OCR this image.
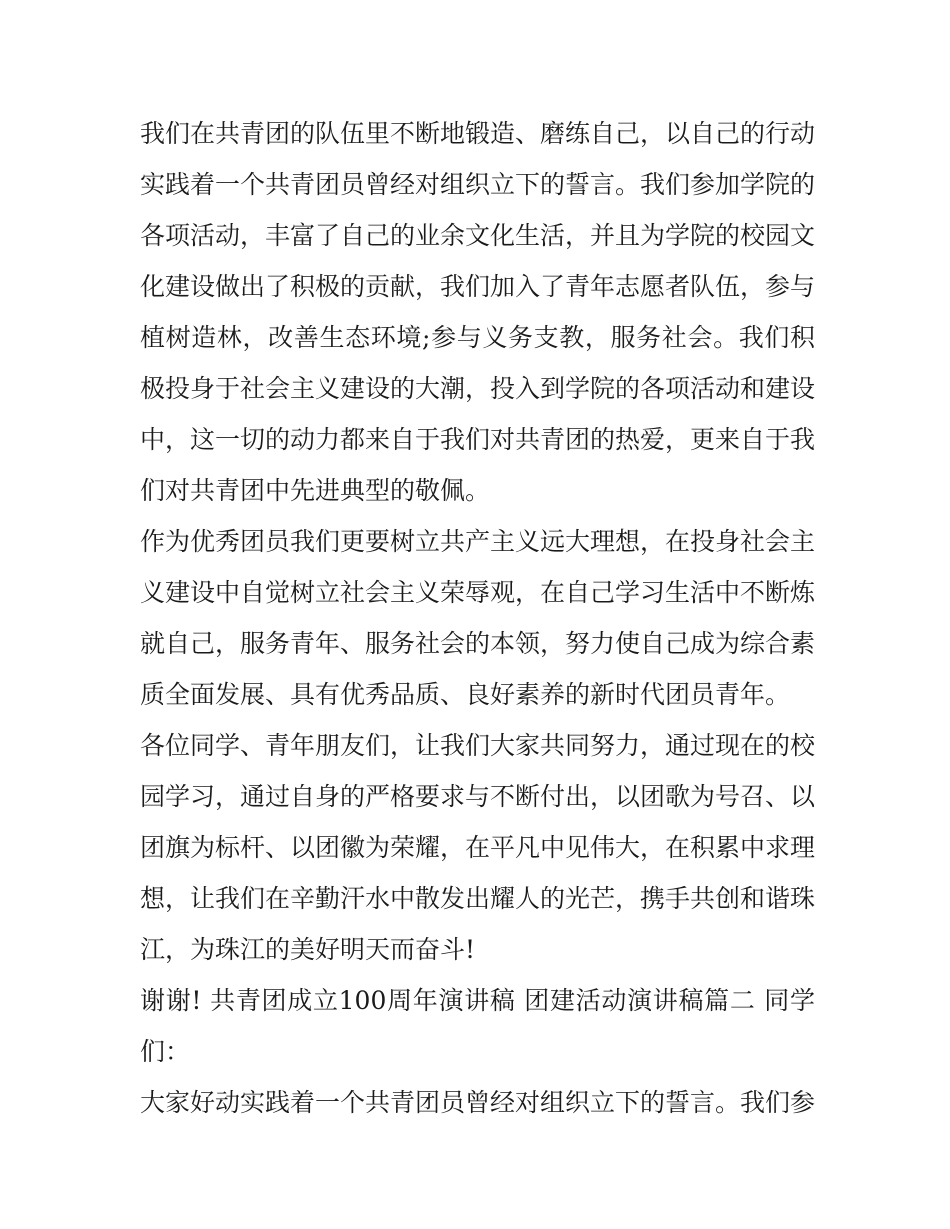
我们在共青团的队伍里不断地锻造、磨练自己，以自己的行动实践着一个共青团员曾经对组织立下的誓言。我们参加学院的各项活动，丰富了自己的业余文化生活，并且为学院的校园文化建设做出了积极的贡献，我们加入了青年志愿者队伍，参与植树造林，改善生态环境;参与义务支教，服务社会。我们积极投身于社会主义建设的大潮，投入到学院的各项活动和建设中，这一切的动力都来自于我们对共青团的热爱，更来自于我们对共青团中先进典型的敬佩。

作为优秀团员我们更要树立共产主义远大理想，在投身社会主义建设中自觉树立社会主义荣辱观，在自己学习生活中不断炼就自己，服务青年、服务社会的本领，努力使自己成为综合素质全面发展、具有优秀品质、良好素养的新时代团员青年。

各位同学、青年朋友们，让我们大家共同努力，通过现在的校园学习，通过自身的严格要求与不断付出，以团歌为号召、以团旗为标杆、以团徽为荣耀，在平凡中见伟大，在积累中求理想，让我们在辛勤汗水中散发出耀人的光芒，携手共创和谐珠江，为珠江的美好明天而奋斗!

谢谢! 共青团成立100周年演讲稿 团建活动演讲稿篇二 同学们：

大家好动实践着一个共青团员曾经对组织立下的誓言。我们参
